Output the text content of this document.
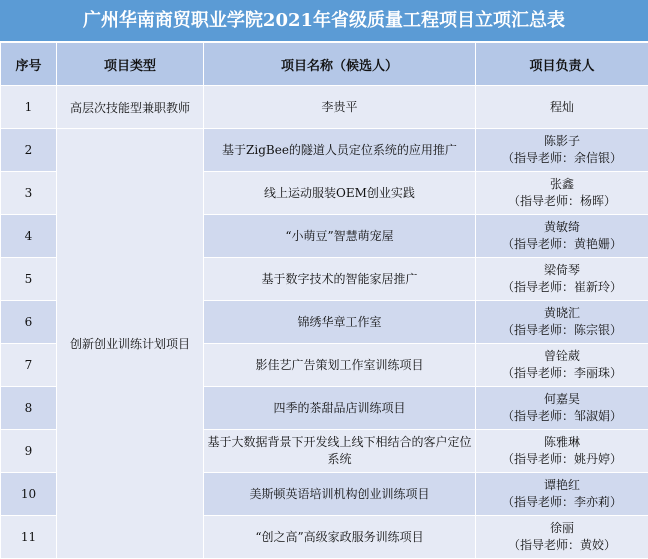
广州华南商贸职业学院2021年省级质量工程项目立项汇总表
序号	项目类型	项目名称（候选人）	项目负责人
1	高层次技能型兼职教师	李贵平	程灿

2	创新创业训练计划项目	基于ZigBee的隧道人员定位系统的应用推广	陈影子
（指导老师：余信银）

3		线上运动服装OEM创业实践	张鑫
（指导老师：杨晖）

4		“小萌豆”智慧萌宠屋	黄敏绮
（指导老师：黄艳姗）

5		基于数字技术的智能家居推广	梁倚琴
（指导老师：崔新玲）

6		锦绣华章工作室	黄晓汇
（指导老师：陈宗银）

7		影佳艺广告策划工作室训练项目	曾铨葳
（指导老师：李丽珠）

8		四季的茶甜品店训练项目	何嘉昊
（指导老师：邹淑娟）

9		基于大数据背景下开发线上线下相结合的客户定位系统	陈雅琳
（指导老师：姚丹婷）

10		美斯顿英语培训机构创业训练项目	谭艳红
（指导老师：李亦莉）

11		“创之高”高级家政服务训练项目	徐丽
（指导老师：黄姣）
